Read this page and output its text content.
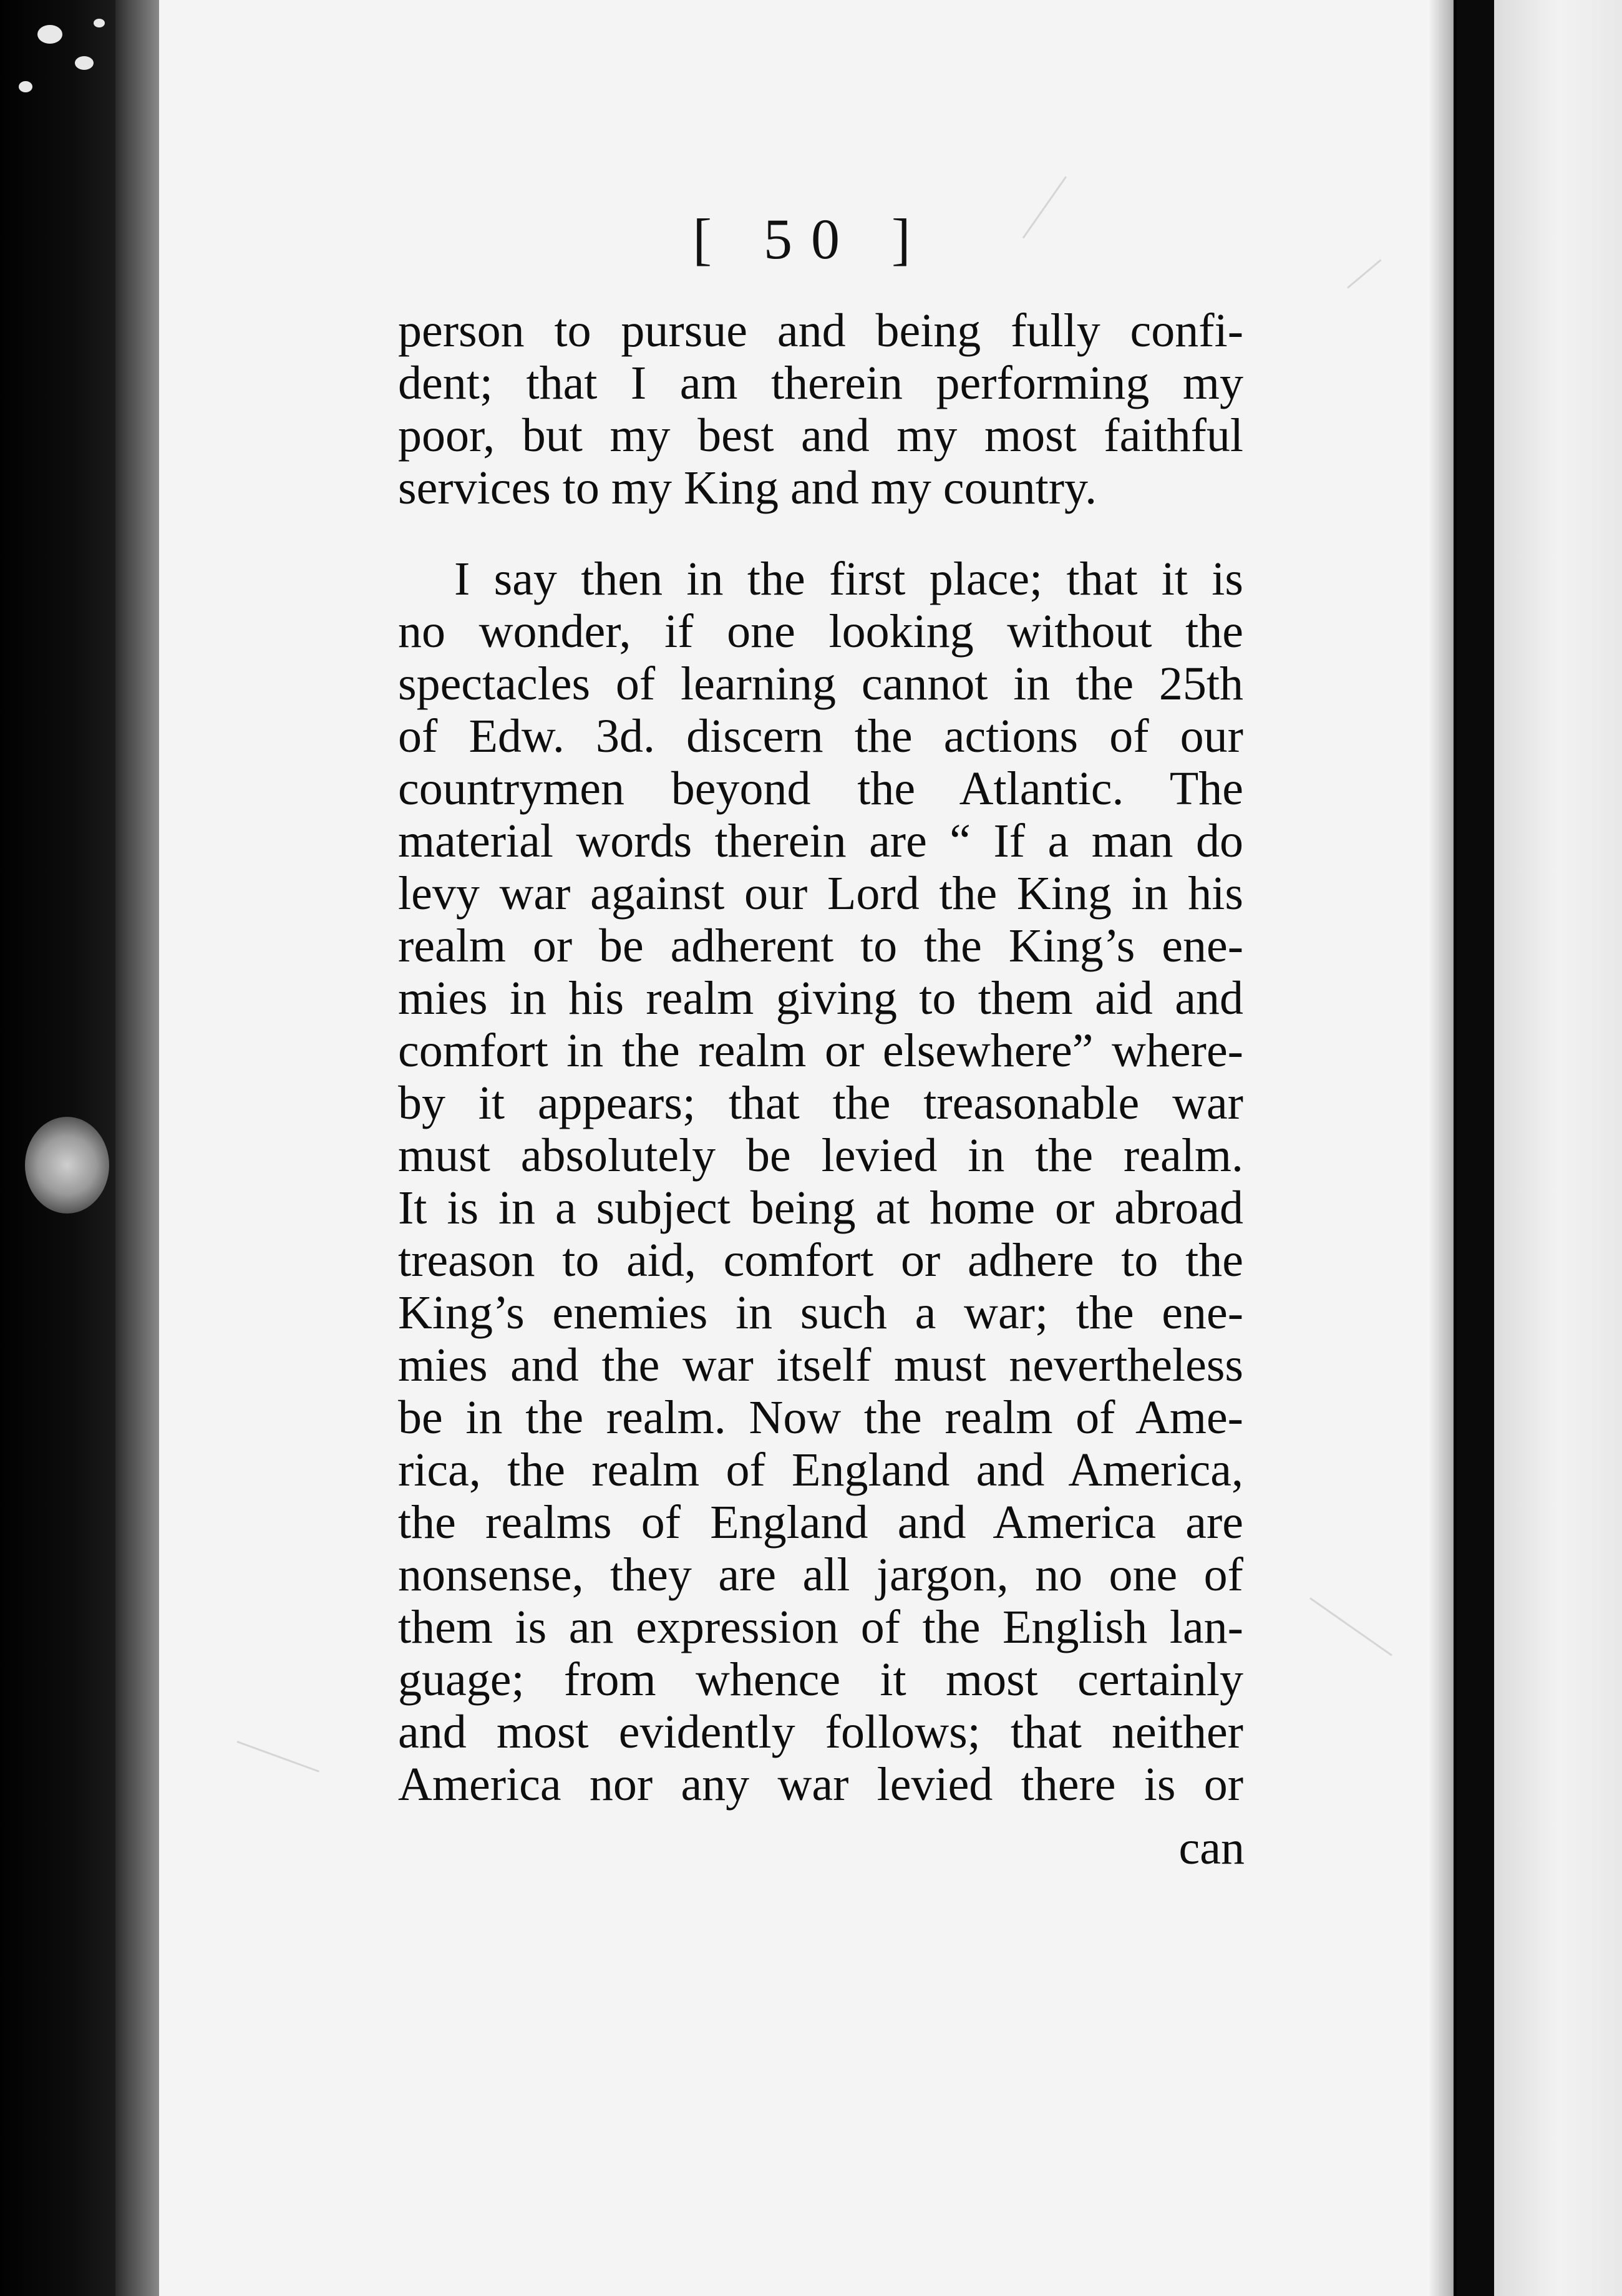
[ 50 ]
person to pursue and being fully confi-
dent; that I am therein performing my
poor, but my best and my most faithful
services to my King and my country.
I say then in the first place; that it is
no wonder, if one looking without the
spectacles of learning cannot in the 25th
of Edw. 3d. discern the actions of our
countrymen beyond the Atlantic. The
material words therein are “ If a man do
levy war against our Lord the King in his
realm or be adherent to the King’s ene-
mies in his realm giving to them aid and
comfort in the realm or elsewhere” where-
by it appears; that the treasonable war
must absolutely be levied in the realm.
It is in a subject being at home or abroad
treason to aid, comfort or adhere to the
King’s enemies in such a war; the ene-
mies and the war itself must nevertheless
be in the realm. Now the realm of Ame-
rica, the realm of England and America,
the realms of England and America are
nonsense, they are all jargon, no one of
them is an expression of the English lan-
guage; from whence it most certainly
and most evidently follows; that neither
America nor any war levied there is or
can
